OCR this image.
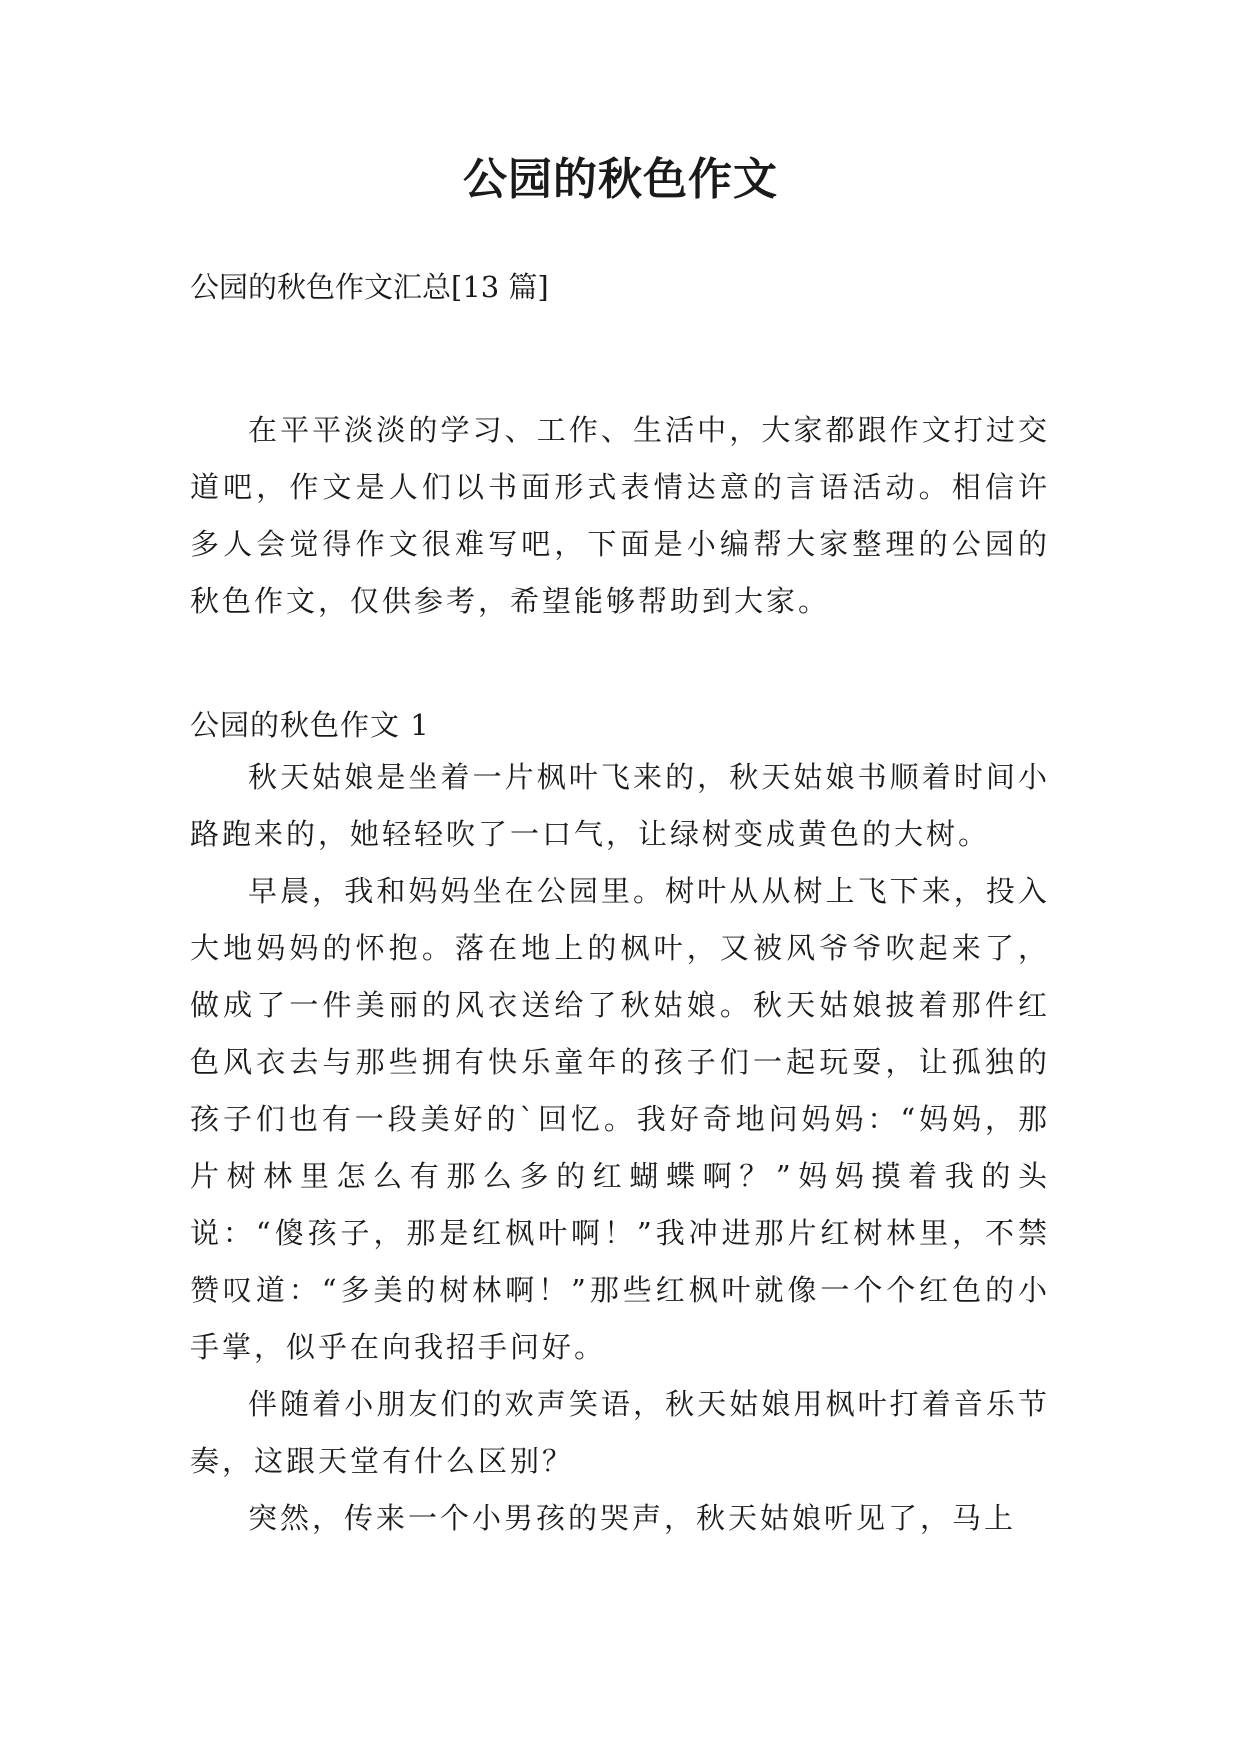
公园的秋色作文
公园的秋色作文汇总[13 篇]

在平平淡淡的学习、工作、生活中，大家都跟作文打过交道吧，作文是人们以书面形式表情达意的言语活动。相信许多人会觉得作文很难写吧，下面是小编帮大家整理的公园的秋色作文，仅供参考，希望能够帮助到大家。

公园的秋色作文 1

秋天姑娘是坐着一片枫叶飞来的，秋天姑娘书顺着时间小路跑来的，她轻轻吹了一口气，让绿树变成黄色的大树。

早晨，我和妈妈坐在公园里。树叶从从树上飞下来，投入大地妈妈的怀抱。落在地上的枫叶，又被风爷爷吹起来了，做成了一件美丽的风衣送给了秋姑娘。秋天姑娘披着那件红色风衣去与那些拥有快乐童年的孩子们一起玩耍，让孤独的孩子们也有一段美好的`回忆。我好奇地问妈妈：“妈妈，那片树林里怎么有那么多的红蝴蝶啊？”妈妈摸着我的头说：“傻孩子，那是红枫叶啊！”我冲进那片红树林里，不禁赞叹道：“多美的树林啊！”那些红枫叶就像一个个红色的小手掌，似乎在向我招手问好。

伴随着小朋友们的欢声笑语，秋天姑娘用枫叶打着音乐节奏，这跟天堂有什么区别？

突然，传来一个小男孩的哭声，秋天姑娘听见了，马上
